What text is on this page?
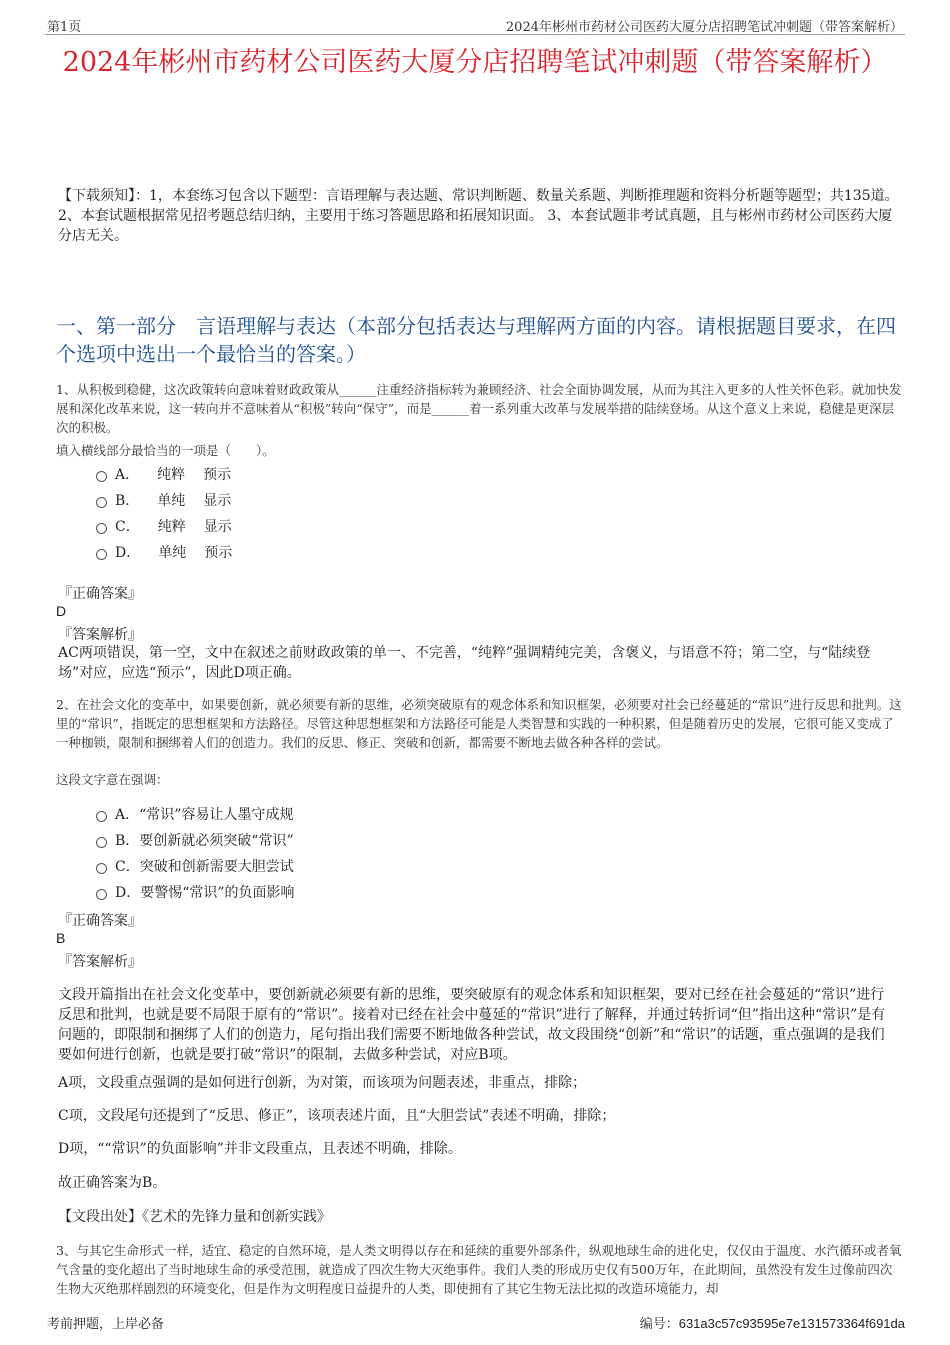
第1页	2024年彬州市药材公司医药大厦分店招聘笔试冲刺题（带答案解析）
2024年彬州市药材公司医药大厦分店招聘笔试冲刺题（带答案解析）
【下载须知】：1，本套练习包含以下题型：言语理解与表达题、常识判断题、数量关系题、判断推理题和资料分析题等题型；共135道。 2、本套试题根据常见招考题总结归纳，主要用于练习答题思路和拓展知识面。 3、本套试题非考试真题，且与彬州市药材公司医药大厦分店无关。
一、第一部分　言语理解与表达（本部分包括表达与理解两方面的内容。请根据题目要求，在四个选项中选出一个最恰当的答案。）
1、从积极到稳健，这次政策转向意味着财政政策从______注重经济指标转为兼顾经济、社会全面协调发展，从而为其注入更多的人性关怀色彩。就加快发展和深化改革来说，这一转向并不意味着从“积极”转向“保守”，而是______着一系列重大改革与发展举措的陆续登场。从这个意义上来说，稳健是更深层次的积极。
填入横线部分最恰当的一项是（　　）。
A． 纯粹 预示
B． 单纯 显示
C． 纯粹 显示
D． 单纯 预示
『正确答案』
D
『答案解析』
AC两项错误，第一空，文中在叙述之前财政政策的单一、不完善，“纯粹”强调精纯完美，含褒义，与语意不符；第二空，与“陆续登场”对应，应选“预示”，因此D项正确。
2、在社会文化的变革中，如果要创新，就必须要有新的思维，必须突破原有的观念体系和知识框架，必须要对社会已经蔓延的“常识”进行反思和批判。这里的“常识”，指既定的思想框架和方法路径。尽管这种思想框架和方法路径可能是人类智慧和实践的一种积累，但是随着历史的发展，它很可能又变成了一种枷锁，限制和捆绑着人们的创造力。我们的反思、修正、突破和创新，都需要不断地去做各种各样的尝试。
这段文字意在强调：
A．“常识”容易让人墨守成规
B．要创新就必须突破“常识”
C．突破和创新需要大胆尝试
D．要警惕“常识”的负面影响
『正确答案』
B
『答案解析』
文段开篇指出在社会文化变革中，要创新就必须要有新的思维，要突破原有的观念体系和知识框架，要对已经在社会蔓延的“常识”进行反思和批判，也就是要不局限于原有的“常识”。接着对已经在社会中蔓延的“常识”进行了解释，并通过转折词“但”指出这种“常识”是有问题的，即限制和捆绑了人们的创造力，尾句指出我们需要不断地做各种尝试，故文段围绕“创新”和“常识”的话题，重点强调的是我们要如何进行创新，也就是要打破“常识”的限制，去做多种尝试，对应B项。
A项，文段重点强调的是如何进行创新，为对策，而该项为问题表述，非重点，排除；
C项，文段尾句还提到了“反思、修正”，该项表述片面，且“大胆尝试”表述不明确，排除；
D项，““常识”的负面影响”并非文段重点，且表述不明确，排除。
故正确答案为B。
【文段出处】《艺术的先锋力量和创新实践》
3、与其它生命形式一样，适宜、稳定的自然环境，是人类文明得以存在和延续的重要外部条件，纵观地球生命的进化史，仅仅由于温度、水汽循环或者氧气含量的变化超出了当时地球生命的承受范围，就造成了四次生物大灭绝事件。我们人类的形成历史仅有500万年，在此期间，虽然没有发生过像前四次生物大灭绝那样剧烈的环境变化，但是作为文明程度日益提升的人类，即使拥有了其它生物无法比拟的改造环境能力，却
考前押题，上岸必备	编号：631a3c57c93595e7e131573364f691da
